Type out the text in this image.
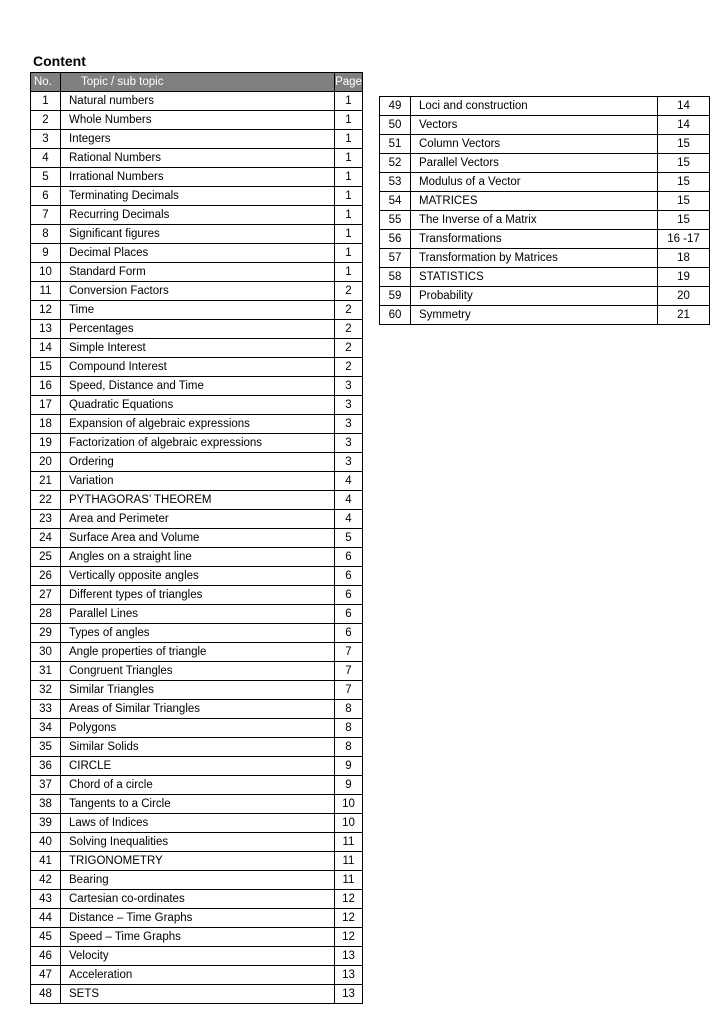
Content
No.	Topic / sub topic	Page
1	Natural numbers	1
2	Whole Numbers	1
3	Integers	1
4	Rational Numbers	1
5	Irrational Numbers	1
6	Terminating Decimals	1
7	Recurring Decimals	1
8	Significant figures	1
9	Decimal Places	1
10	Standard Form	1
11	Conversion Factors	2
12	Time	2
13	Percentages	2
14	Simple Interest	2
15	Compound Interest	2
16	Speed, Distance and Time	3
17	Quadratic Equations	3
18	Expansion of algebraic expressions	3
19	Factorization of algebraic expressions	3
20	Ordering	3
21	Variation	4
22	PYTHAGORAS’ THEOREM	4
23	Area and Perimeter	4
24	Surface Area and Volume	5
25	Angles on a straight line	6
26	Vertically opposite angles	6
27	Different types of triangles	6
28	Parallel Lines	6
29	Types of angles	6
30	Angle properties of triangle	7
31	Congruent Triangles	7
32	Similar Triangles	7
33	Areas of Similar Triangles	8
34	Polygons	8
35	Similar Solids	8
36	CIRCLE	9
37	Chord of a circle	9
38	Tangents to a Circle	10
39	Laws of Indices	10
40	Solving Inequalities	11
41	TRIGONOMETRY	11
42	Bearing	11
43	Cartesian co-ordinates	12
44	Distance – Time Graphs	12
45	Speed – Time Graphs	12
46	Velocity	13
47	Acceleration	13
48	SETS	13
49	Loci and construction	14
50	Vectors	14
51	Column Vectors	15
52	Parallel Vectors	15
53	Modulus of a Vector	15
54	MATRICES	15
55	The Inverse of a Matrix	15
56	Transformations	16 -17
57	Transformation by Matrices	18
58	STATISTICS	19
59	Probability	20
60	Symmetry	21
